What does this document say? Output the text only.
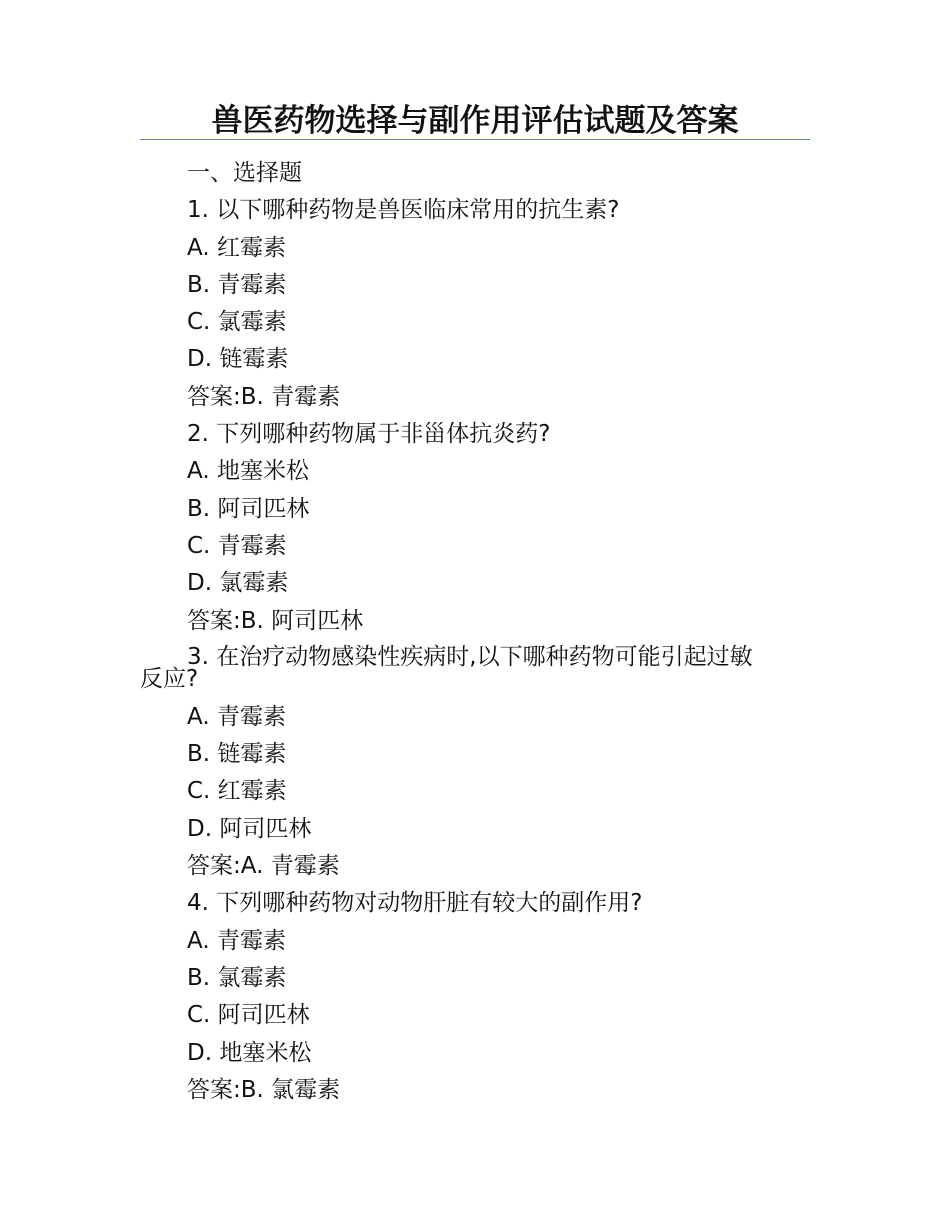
兽医药物选择与副作用评估试题及答案
一、选择题
1. 以下哪种药物是兽医临床常用的抗生素?
A. 红霉素
B. 青霉素
C. 氯霉素
D. 链霉素
答案:B. 青霉素
2. 下列哪种药物属于非甾体抗炎药?
A. 地塞米松
B. 阿司匹林
C. 青霉素
D. 氯霉素
答案:B. 阿司匹林
3. 在治疗动物感染性疾病时,以下哪种药物可能引起过敏
反应?
A. 青霉素
B. 链霉素
C. 红霉素
D. 阿司匹林
答案:A. 青霉素
4. 下列哪种药物对动物肝脏有较大的副作用?
A. 青霉素
B. 氯霉素
C. 阿司匹林
D. 地塞米松
答案:B. 氯霉素
